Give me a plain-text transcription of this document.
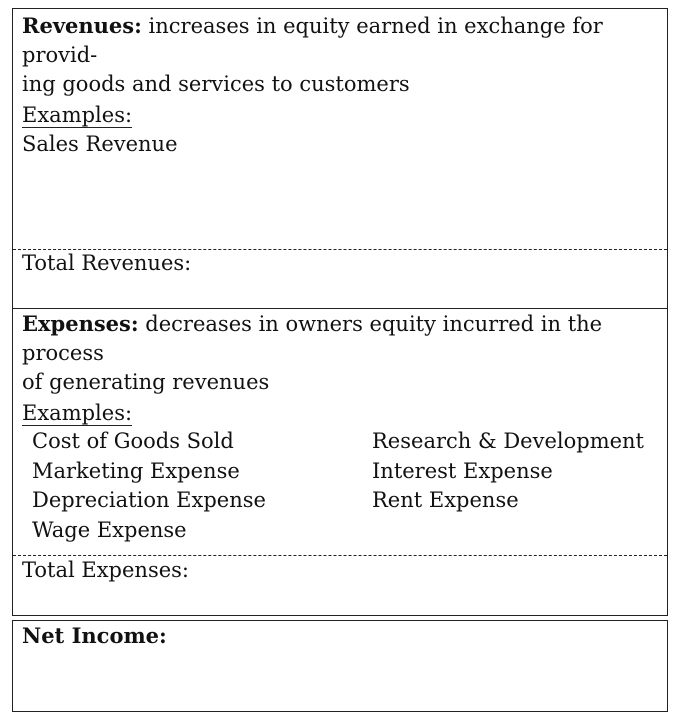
Revenues: increases in equity earned in exchange for provid-
ing goods and services to customers
Examples:
Sales Revenue
Total Revenues:
Expenses: decreases in owners equity incurred in the process
of generating revenues
Examples:
Cost of Goods Sold
Marketing Expense
Depreciation Expense
Wage Expense
Research & Development
Interest Expense
Rent Expense
Total Expenses:
Net Income:
